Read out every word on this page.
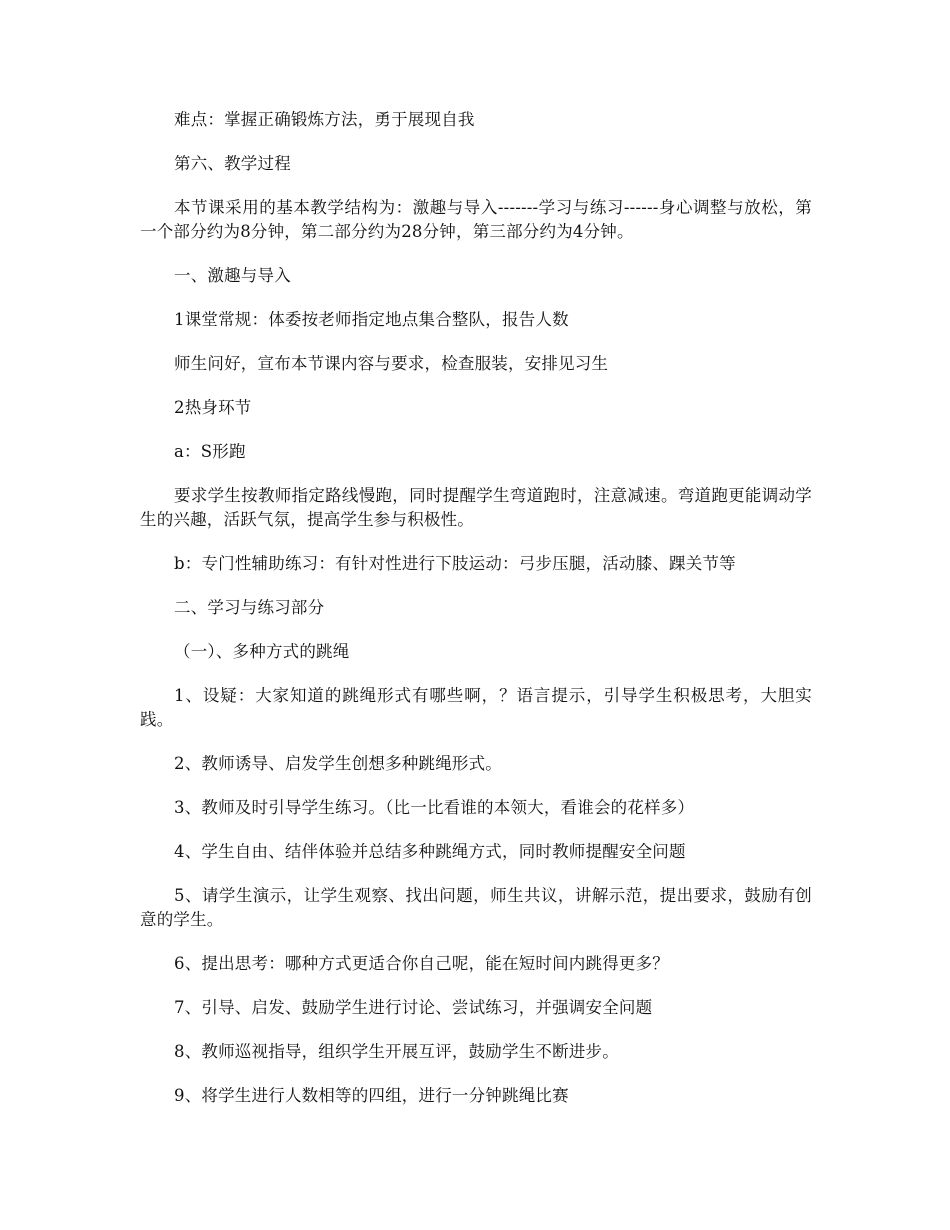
难点：掌握正确锻炼方法，勇于展现自我

第六、教学过程

本节课采用的基本教学结构为：激趣与导入-------学习与练习------身心调整与放松，第一个部分约为8分钟，第二部分约为28分钟，第三部分约为4分钟。

一、激趣与导入

1课堂常规：体委按老师指定地点集合整队，报告人数

师生问好，宣布本节课内容与要求，检查服装，安排见习生

2热身环节

a：S形跑

要求学生按教师指定路线慢跑，同时提醒学生弯道跑时，注意减速。弯道跑更能调动学生的兴趣，活跃气氛，提高学生参与积极性。

b：专门性辅助练习：有针对性进行下肢运动：弓步压腿，活动膝、踝关节等

二、学习与练习部分

（一）、多种方式的跳绳

1、设疑：大家知道的跳绳形式有哪些啊，？语言提示，引导学生积极思考，大胆实践。

2、教师诱导、启发学生创想多种跳绳形式。

3、教师及时引导学生练习。（比一比看谁的本领大，看谁会的花样多）

4、学生自由、结伴体验并总结多种跳绳方式，同时教师提醒安全问题

5、请学生演示，让学生观察、找出问题，师生共议，讲解示范，提出要求，鼓励有创意的学生。

6、提出思考：哪种方式更适合你自己呢，能在短时间内跳得更多？

7、引导、启发、鼓励学生进行讨论、尝试练习，并强调安全问题

8、教师巡视指导，组织学生开展互评，鼓励学生不断进步。

9、将学生进行人数相等的四组，进行一分钟跳绳比赛
